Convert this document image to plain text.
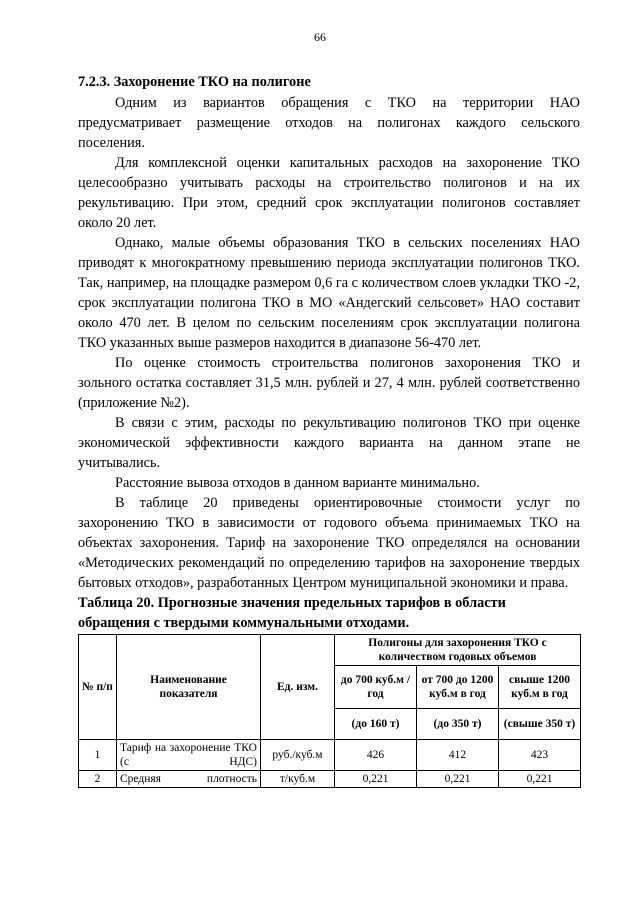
66
7.2.3. Захоронение ТКО на полигоне

Одним из вариантов обращения с ТКО на территории НАО предусматривает размещение отходов на полигонах каждого сельского поселения.

Для комплексной оценки капитальных расходов на захоронение ТКО целесообразно учитывать расходы на строительство полигонов и на их рекультивацию. При этом, средний срок эксплуатации полигонов составляет около 20 лет.

Однако, малые объемы образования ТКО в сельских поселениях НАО приводят к многократному превышению периода эксплуатации полигонов ТКО. Так, например, на площадке размером 0,6 га с количеством слоев укладки ТКО -2, срок эксплуатации полигона ТКО в МО «Андегский сельсовет» НАО составит около 470 лет. В целом по сельским поселениям срок эксплуатации полигона ТКО указанных выше размеров находится в диапазоне 56-470 лет.

По оценке стоимость строительства полигонов захоронения ТКО и зольного остатка составляет 31,5 млн. рублей и 27, 4 млн. рублей соответственно (приложение №2).

В связи с этим, расходы по рекультивацию полигонов ТКО при оценке экономической эффективности каждого варианта на данном этапе не учитывались.

Расстояние вывоза отходов в данном варианте минимально.

В таблице 20 приведены ориентировочные стоимости услуг по захоронению ТКО в зависимости от годового объема принимаемых ТКО на объектах захоронения. Тариф на захоронение ТКО определялся на основании «Методических рекомендаций по определению тарифов на захоронение твердых бытовых отходов», разработанных Центром муниципальной экономики и права.

Таблица 20. Прогнозные значения предельных тарифов в области обращения с твердыми коммунальными отходами.
№ п/п	Наименование показателя	Ед. изм.	Полигоны для захоронения ТКО с количеством годовых объемов		
			до 700 куб.м /год	от 700 до 1200 куб.м в год	свыше 1200 куб.м в год
			(до 160 т)	(до 350 т)	(свыше 350 т)
1	Тариф на захоронение ТКО (с НДС)	руб./куб.м	426	412	423
2	Средняя плотность	т/куб.м	0,221	0,221	0,221
